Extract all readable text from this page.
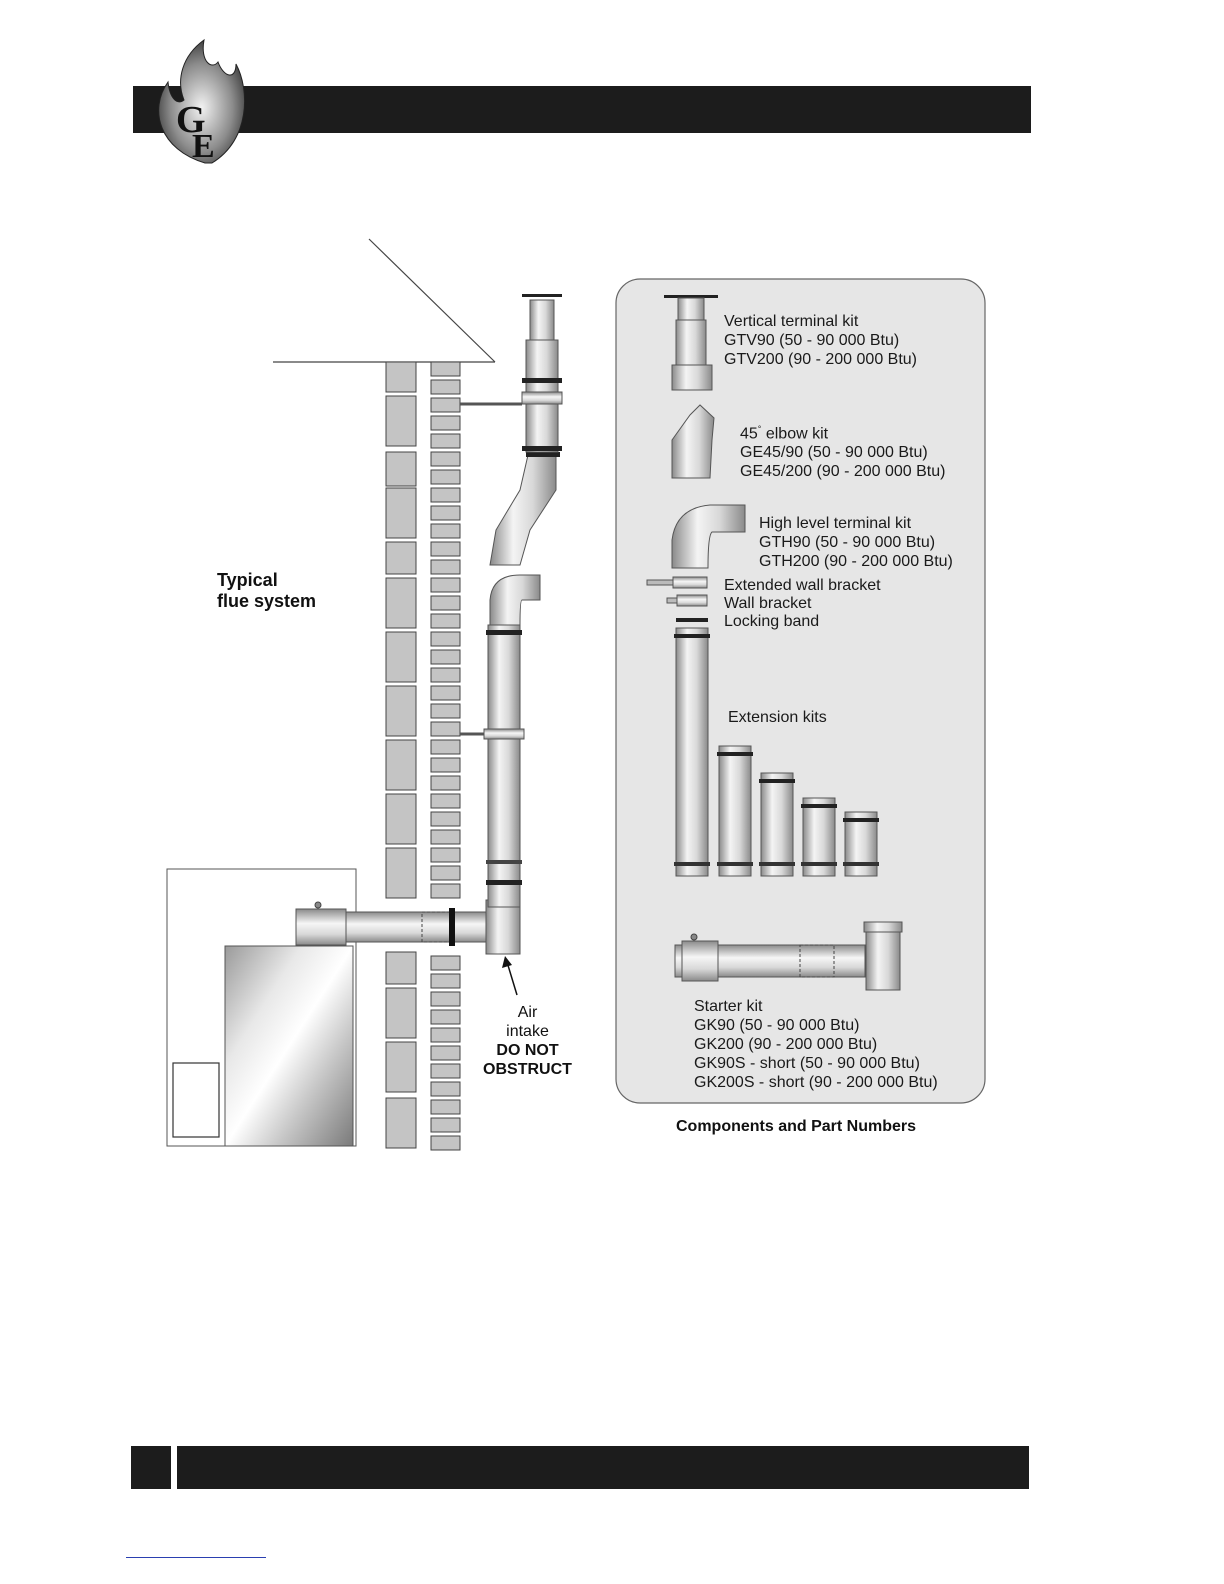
G
E
Typical
flue system
Air
intake
DO NOT
OBSTRUCT
Vertical terminal kit
GTV90 (50 - 90 000 Btu)
GTV200 (90 - 200 000 Btu)
45° elbow kit
GE45/90 (50 - 90 000 Btu)
GE45/200 (90 - 200 000 Btu)
High level terminal kit
GTH90 (50 - 90 000 Btu)
GTH200 (90 - 200 000 Btu)
Extended wall bracket
Wall bracket
Locking band
Extension kits
Starter kit
GK90 (50 - 90 000 Btu)
GK200 (90 - 200 000 Btu)
GK90S - short (50 - 90 000 Btu)
GK200S - short (90 - 200 000 Btu)
Components and Part Numbers
